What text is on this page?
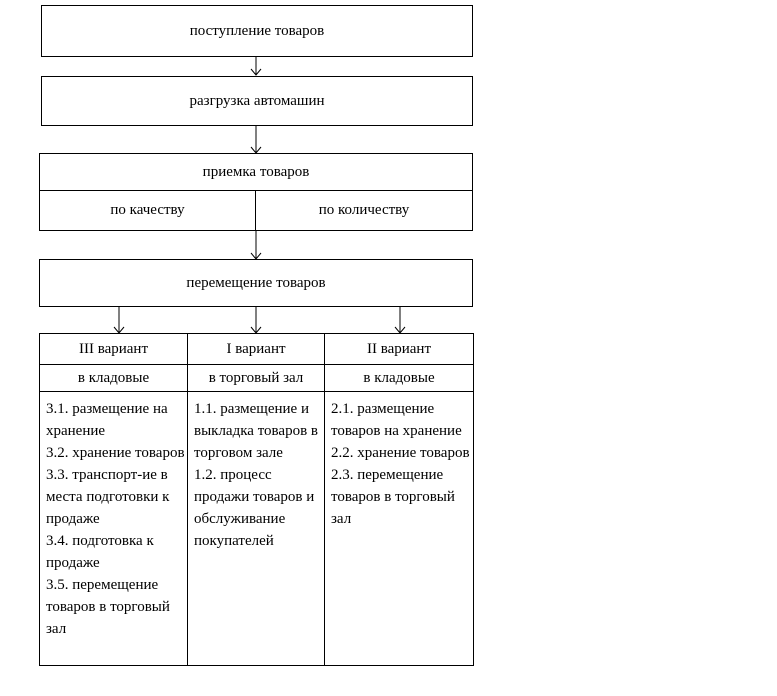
поступление товаров
разгрузка автомашин
приемка товаров
по качеству	по количеству
перемещение товаров
III вариант
в кладовые
3.1. размещение на хранение
3.2. хранение товаров
3.3. транспорт-ие в места подготовки к продаже
3.4. подготовка к продаже
3.5. перемещение товаров в торговый зал
I вариант
в торговый зал
1.1. размещение и выкладка товаров в торговом зале
1.2. процесс продажи товаров и обслуживание покупателей
II вариант
в кладовые
2.1. размещение товаров на хранение
2.2. хранение товаров
2.3. перемещение товаров в торговый зал
